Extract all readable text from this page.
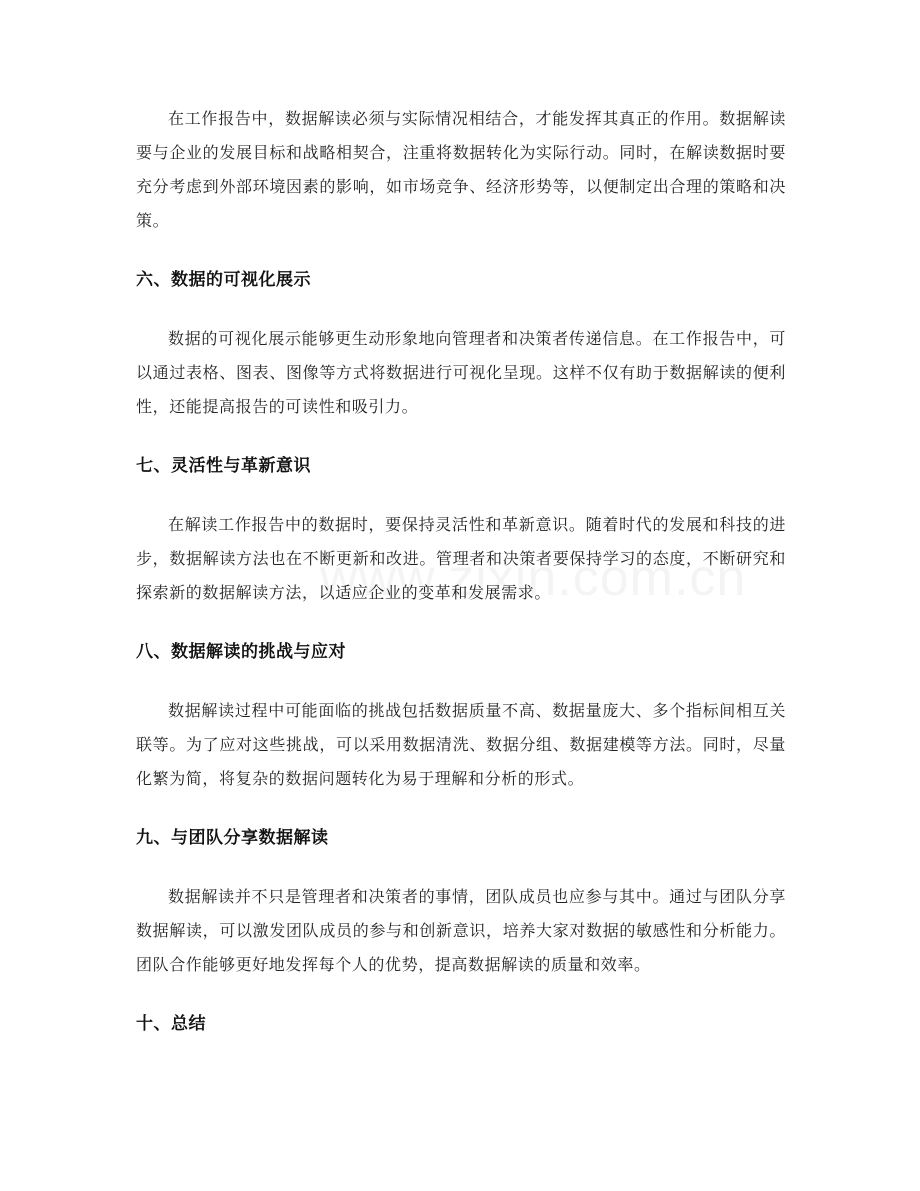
在工作报告中，数据解读必须与实际情况相结合，才能发挥其真正的作用。数据解读要与企业的发展目标和战略相契合，注重将数据转化为实际行动。同时，在解读数据时要充分考虑到外部环境因素的影响，如市场竞争、经济形势等，以便制定出合理的策略和决策。

六、数据的可视化展示

数据的可视化展示能够更生动形象地向管理者和决策者传递信息。在工作报告中，可以通过表格、图表、图像等方式将数据进行可视化呈现。这样不仅有助于数据解读的便利性，还能提高报告的可读性和吸引力。

七、灵活性与革新意识

在解读工作报告中的数据时，要保持灵活性和革新意识。随着时代的发展和科技的进步，数据解读方法也在不断更新和改进。管理者和决策者要保持学习的态度，不断研究和探索新的数据解读方法，以适应企业的变革和发展需求。

八、数据解读的挑战与应对

数据解读过程中可能面临的挑战包括数据质量不高、数据量庞大、多个指标间相互关联等。为了应对这些挑战，可以采用数据清洗、数据分组、数据建模等方法。同时，尽量化繁为简，将复杂的数据问题转化为易于理解和分析的形式。

九、与团队分享数据解读

数据解读并不只是管理者和决策者的事情，团队成员也应参与其中。通过与团队分享数据解读，可以激发团队成员的参与和创新意识，培养大家对数据的敏感性和分析能力。团队合作能够更好地发挥每个人的优势，提高数据解读的质量和效率。

十、总结
